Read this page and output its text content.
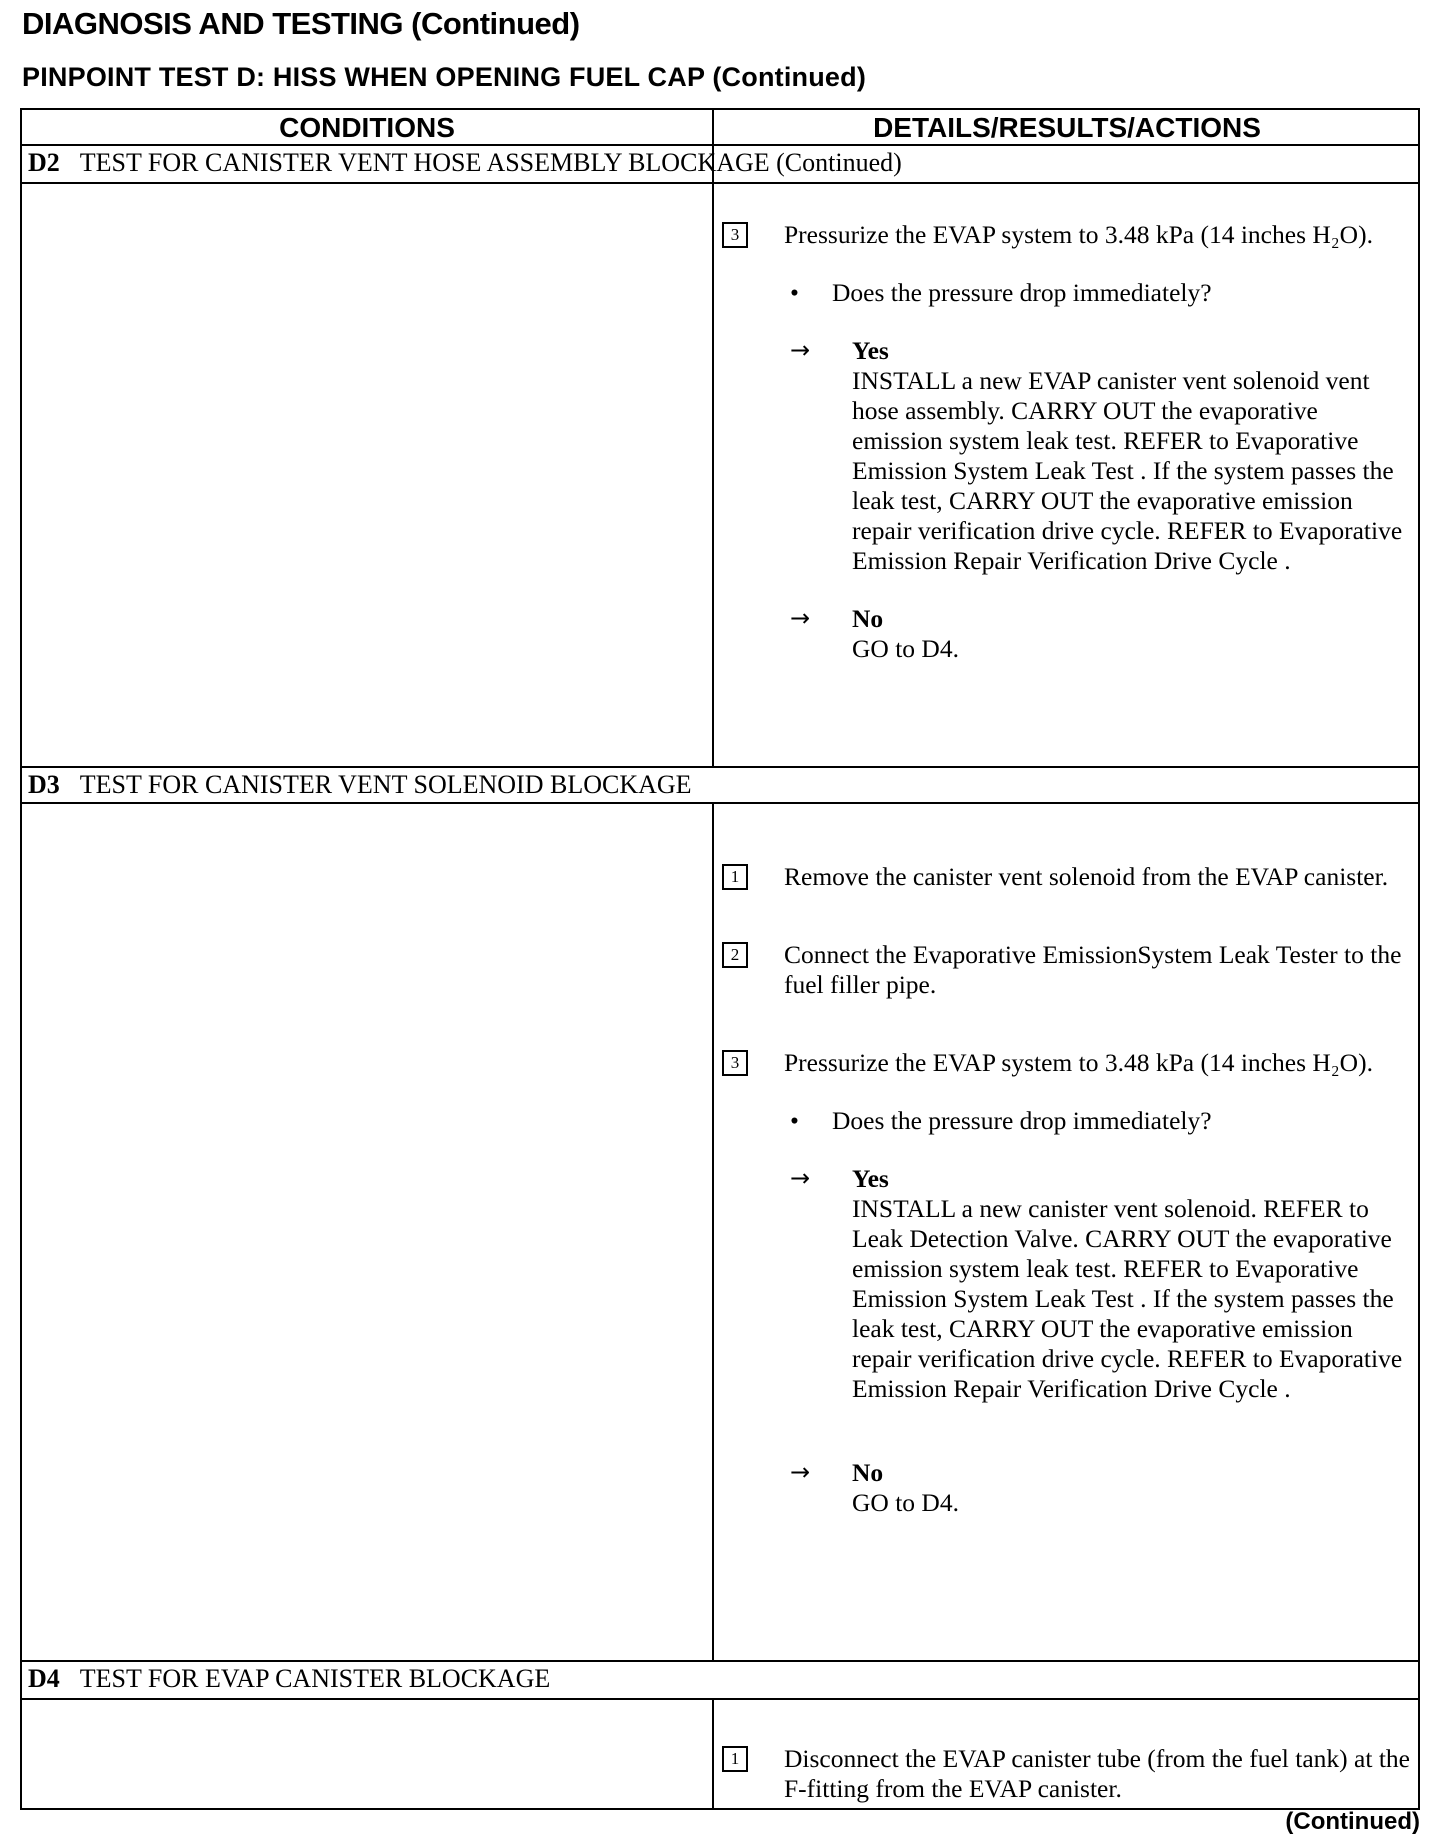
DIAGNOSIS AND TESTING (Continued)
PINPOINT TEST D: HISS WHEN OPENING FUEL CAP (Continued)
CONDITIONS	DETAILS/RESULTS/ACTIONS
D2 TEST FOR CANISTER VENT HOSE ASSEMBLY BLOCKAGE (Continued)
3	Pressurize the EVAP system to 3.48 kPa (14 inches H₂O).
• Does the pressure drop immediately?
→ Yes
INSTALL a new EVAP canister vent solenoid vent hose assembly. CARRY OUT the evaporative emission system leak test. REFER to Evaporative Emission System Leak Test . If the system passes the leak test, CARRY OUT the evaporative emission repair verification drive cycle. REFER to Evaporative Emission Repair Verification Drive Cycle .
→ No
GO to D4.
D3 TEST FOR CANISTER VENT SOLENOID BLOCKAGE
1	Remove the canister vent solenoid from the EVAP canister.
2	Connect the Evaporative EmissionSystem Leak Tester to the fuel filler pipe.
3	Pressurize the EVAP system to 3.48 kPa (14 inches H₂O).
• Does the pressure drop immediately?
→ Yes
INSTALL a new canister vent solenoid. REFER to Leak Detection Valve. CARRY OUT the evaporative emission system leak test. REFER to Evaporative Emission System Leak Test . If the system passes the leak test, CARRY OUT the evaporative emission repair verification drive cycle. REFER to Evaporative Emission Repair Verification Drive Cycle .
→ No
GO to D4.
D4 TEST FOR EVAP CANISTER BLOCKAGE
1	Disconnect the EVAP canister tube (from the fuel tank) at the F-fitting from the EVAP canister.
(Continued)
